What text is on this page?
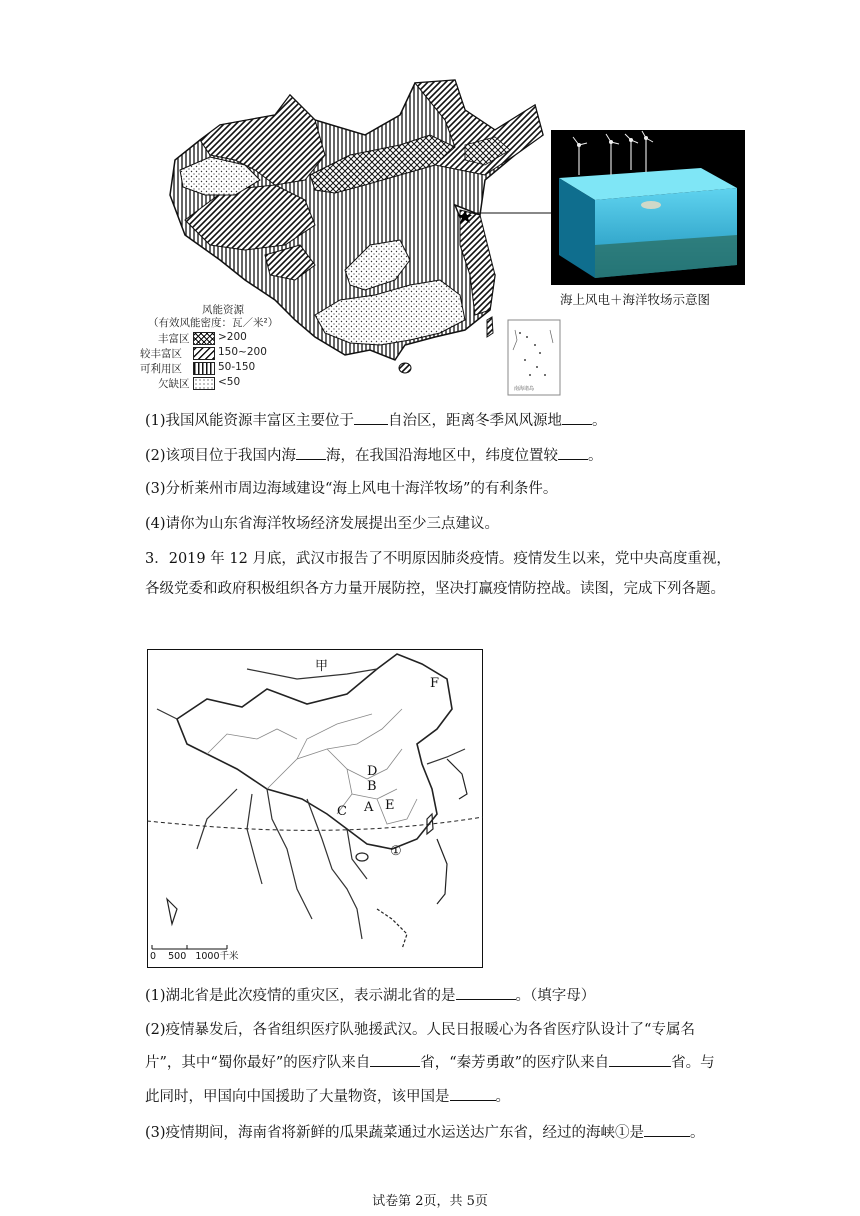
风能资源
（有效风能密度：瓦／米²）
丰富区	>200
较丰富区	150~200
可利用区	50-150
欠缺区	<50
南海诸岛
海上风电＋海洋牧场示意图
(1)我国风能资源丰富区主要位于 自治区，距离冬季风风源地 。
(2)该项目位于我国内海 海，在我国沿海地区中，纬度位置较 。
(3)分析莱州市周边海域建设“海上风电十海洋牧场”的有利条件。
(4)请你为山东省海洋牧场经济发展提出至少三点建议。
3．2019 年 12 月底，武汉市报告了不明原因肺炎疫情。疫情发生以来，党中央高度重视，各级党委和政府积极组织各方力量开展防控，坚决打赢疫情防控战。读图，完成下列各题。
甲
F
D
B
C A E
①
0    500   1000千米
(1)湖北省是此次疫情的重灾区，表示湖北省的是	。（填字母）
(2)疫情暴发后，各省组织医疗队驰援武汉。人民日报暖心为各省医疗队设计了“专属名
片”，其中“蜀你最好”的医疗队来自	省，“秦芳勇敢”的医疗队来自	省。与
此同时，甲国向中国援助了大量物资，该甲国是	。
(3)疫情期间，海南省将新鲜的瓜果蔬菜通过水运送达广东省，经过的海峡①是	。
试卷第 2页，共 5页
